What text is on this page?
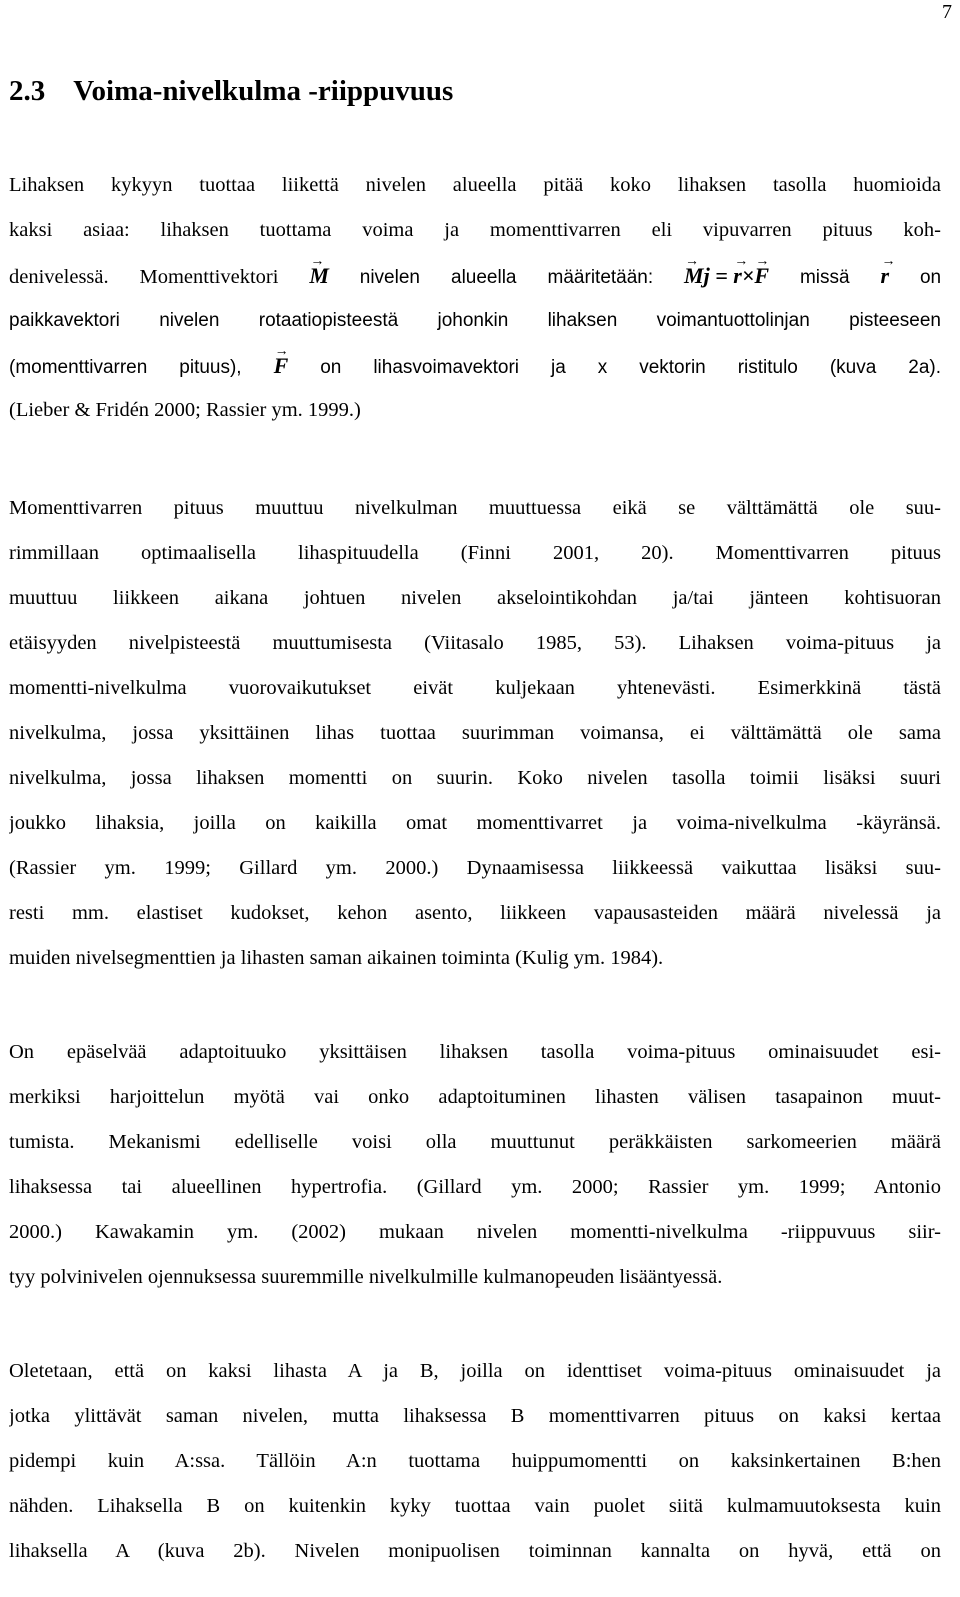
7
2.3 Voima-nivelkulma -riippuvuus
Lihaksen kykyyn tuottaa liikettä nivelen alueella pitää koko lihaksen tasolla huomioida
kaksi asiaa: lihaksen tuottama voima ja momenttivarren eli vipuvarren pituus koh-
denivelessä. Momenttivektori → M nivelen alueella määritetään: → Mj = → r×→ F missä → r on
paikkavektori nivelen rotaatiopisteestä johonkin lihaksen voimantuottolinjan pisteeseen
(momenttivarren pituus), → F on lihasvoimavektori ja x vektorin ristitulo (kuva 2a).
(Lieber & Fridén 2000; Rassier ym. 1999.)
Momenttivarren pituus muuttuu nivelkulman muuttuessa eikä se välttämättä ole suu-
rimmillaan optimaalisella lihaspituudella (Finni 2001, 20). Momenttivarren pituus
muuttuu liikkeen aikana johtuen nivelen akselointikohdan ja/tai jänteen kohtisuoran
etäisyyden nivelpisteestä muuttumisesta (Viitasalo 1985, 53). Lihaksen voima-pituus ja
momentti-nivelkulma vuorovaikutukset eivät kuljekaan yhtenevästi. Esimerkkinä tästä
nivelkulma, jossa yksittäinen lihas tuottaa suurimman voimansa, ei välttämättä ole sama
nivelkulma, jossa lihaksen momentti on suurin. Koko nivelen tasolla toimii lisäksi suuri
joukko lihaksia, joilla on kaikilla omat momenttivarret ja voima-nivelkulma -käyränsä.
(Rassier ym. 1999; Gillard ym. 2000.) Dynaamisessa liikkeessä vaikuttaa lisäksi suu-
resti mm. elastiset kudokset, kehon asento, liikkeen vapausasteiden määrä nivelessä ja
muiden nivelsegmenttien ja lihasten saman aikainen toiminta (Kulig ym. 1984).
On epäselvää adaptoituuko yksittäisen lihaksen tasolla voima-pituus ominaisuudet esi-
merkiksi harjoittelun myötä vai onko adaptoituminen lihasten välisen tasapainon muut-
tumista. Mekanismi edelliselle voisi olla muuttunut peräkkäisten sarkomeerien määrä
lihaksessa tai alueellinen hypertrofia. (Gillard ym. 2000; Rassier ym. 1999; Antonio
2000.) Kawakamin ym. (2002) mukaan nivelen momentti-nivelkulma -riippuvuus siir-
tyy polvinivelen ojennuksessa suuremmille nivelkulmille kulmanopeuden lisääntyessä.
Oletetaan, että on kaksi lihasta A ja B, joilla on identtiset voima-pituus ominaisuudet ja
jotka ylittävät saman nivelen, mutta lihaksessa B momenttivarren pituus on kaksi kertaa
pidempi kuin A:ssa. Tällöin A:n tuottama huippumomentti on kaksinkertainen B:hen
nähden. Lihaksella B on kuitenkin kyky tuottaa vain puolet siitä kulmamuutoksesta kuin
lihaksella A (kuva 2b). Nivelen monipuolisen toiminnan kannalta on hyvä, että on
